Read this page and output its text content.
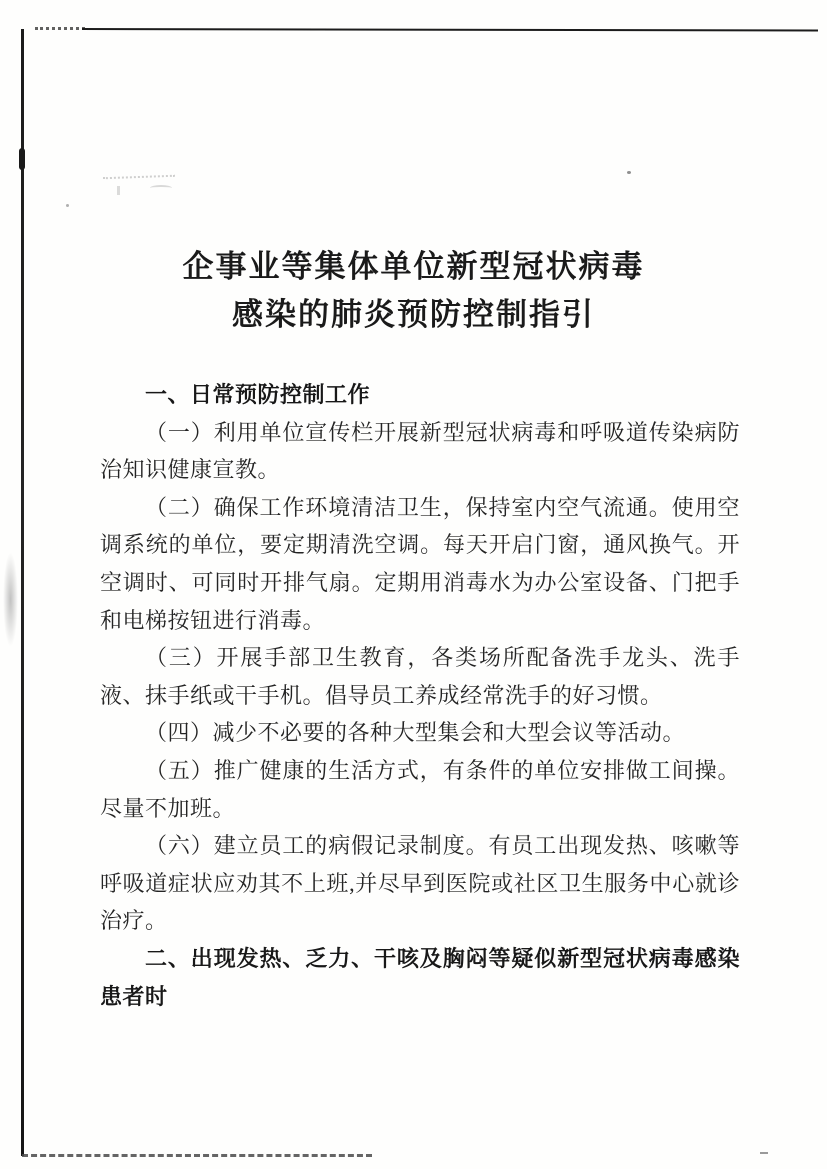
企事业等集体单位新型冠状病毒
感染的肺炎预防控制指引

一、日常预防控制工作

（一）利用单位宣传栏开展新型冠状病毒和呼吸道传染病防治知识健康宣教。

（二）确保工作环境清洁卫生，保持室内空气流通。使用空调系统的单位，要定期清洗空调。每天开启门窗，通风换气。开空调时、可同时开排气扇。定期用消毒水为办公室设备、门把手和电梯按钮进行消毒。

（三）开展手部卫生教育，各类场所配备洗手龙头、洗手液、抹手纸或干手机。倡导员工养成经常洗手的好习惯。

（四）减少不必要的各种大型集会和大型会议等活动。

（五）推广健康的生活方式，有条件的单位安排做工间操。尽量不加班。

（六）建立员工的病假记录制度。有员工出现发热、咳嗽等呼吸道症状应劝其不上班,并尽早到医院或社区卫生服务中心就诊治疗。

二、出现发热、乏力、干咳及胸闷等疑似新型冠状病毒感染患者时
